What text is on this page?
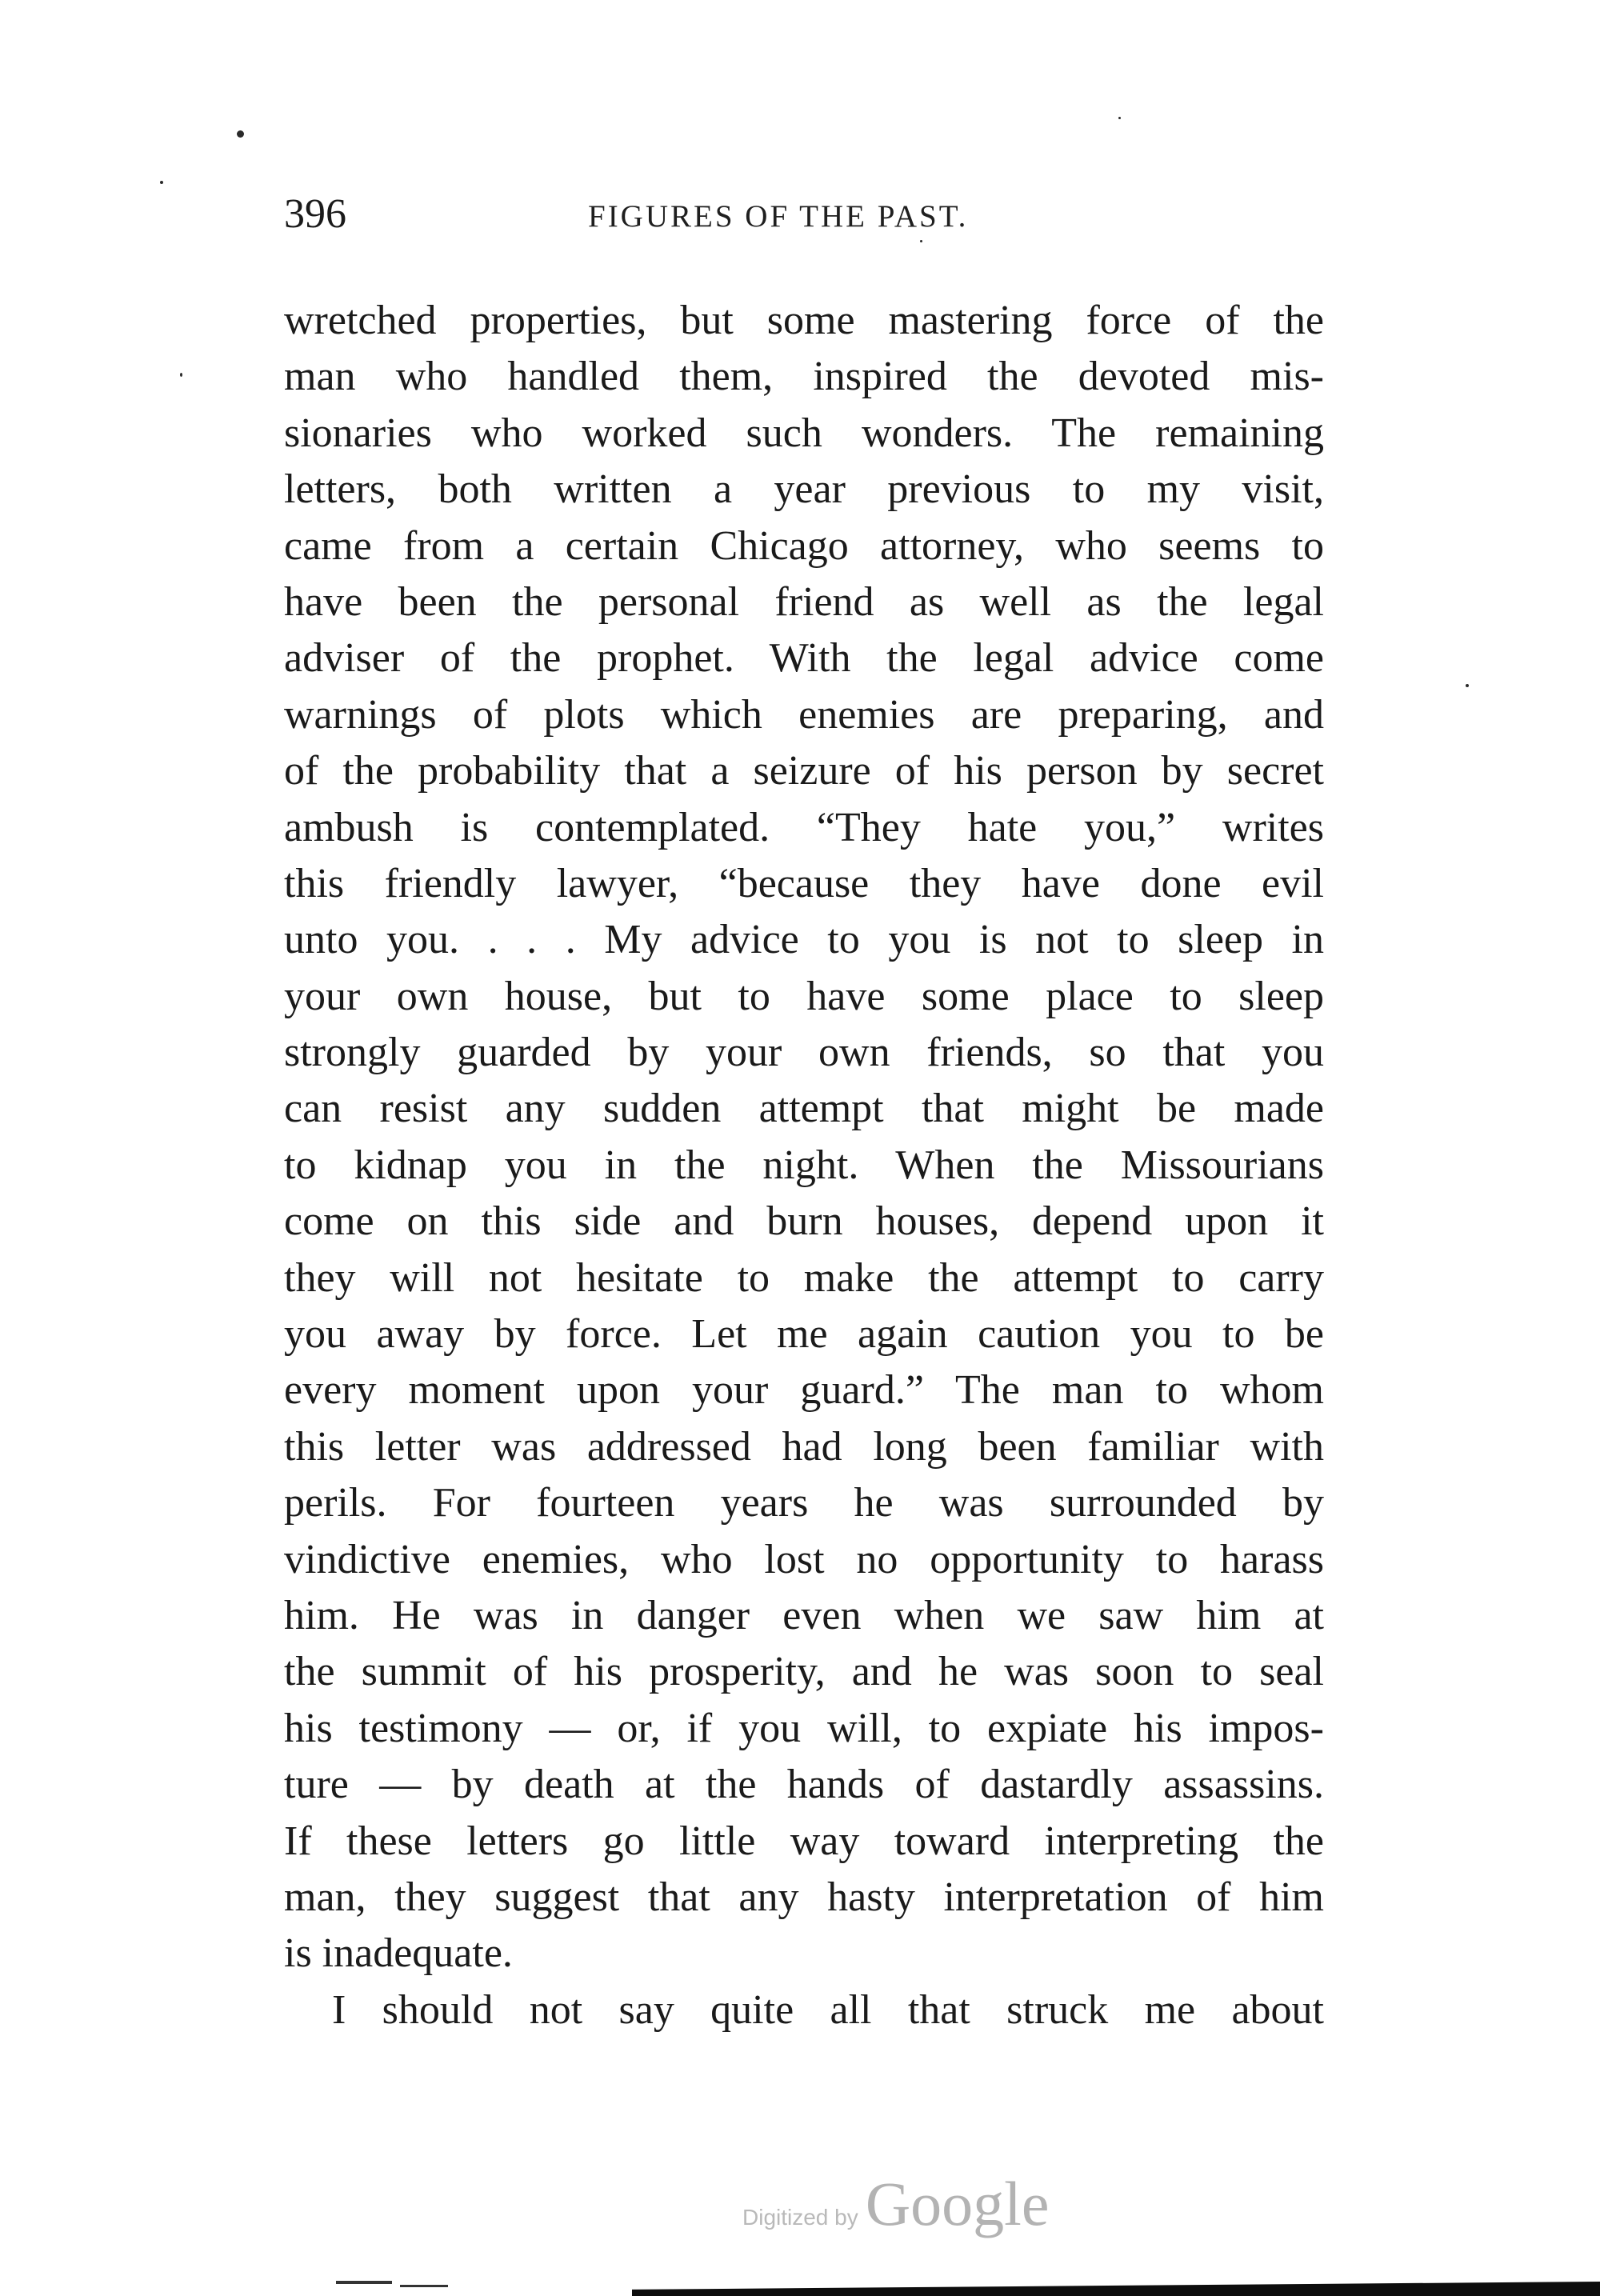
396	FIGURES OF THE PAST.
wretched properties, but some mastering force of the
man who handled them, inspired the devoted mis-
sionaries who worked such wonders. The remaining
letters, both written a year previous to my visit,
came from a certain Chicago attorney, who seems to
have been the personal friend as well as the legal
adviser of the prophet. With the legal advice come
warnings of plots which enemies are preparing, and
of the probability that a seizure of his person by secret
ambush is contemplated. “They hate you,” writes
this friendly lawyer, “because they have done evil
unto you. . . . My advice to you is not to sleep in
your own house, but to have some place to sleep
strongly guarded by your own friends, so that you
can resist any sudden attempt that might be made
to kidnap you in the night. When the Missourians
come on this side and burn houses, depend upon it
they will not hesitate to make the attempt to carry
you away by force. Let me again caution you to be
every moment upon your guard.” The man to whom
this letter was addressed had long been familiar with
perils. For fourteen years he was surrounded by
vindictive enemies, who lost no opportunity to harass
him. He was in danger even when we saw him at
the summit of his prosperity, and he was soon to seal
his testimony — or, if you will, to expiate his impos-
ture — by death at the hands of dastardly assassins.
If these letters go little way toward interpreting the
man, they suggest that any hasty interpretation of him
is inadequate.
I should not say quite all that struck me about
Digitized by Google
